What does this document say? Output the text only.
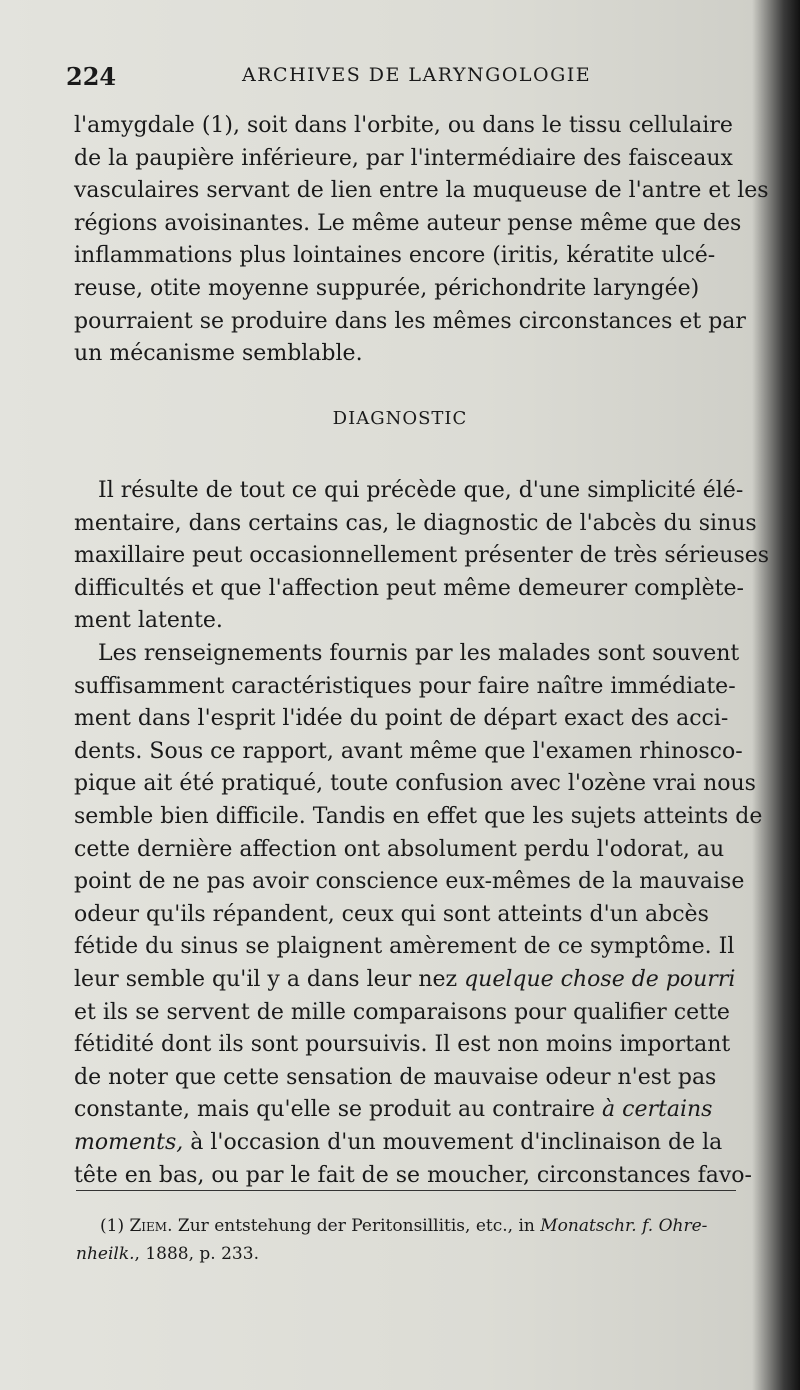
224	ARCHIVES DE LARYNGOLOGIE

l'amygdale (1), soit dans l'orbite, ou dans le tissu cellulaire
de la paupière inférieure, par l'intermédiaire des faisceaux
vasculaires servant de lien entre la muqueuse de l'antre et les
régions avoisinantes. Le même auteur pense même que des
inflammations plus lointaines encore (iritis, kératite ulcé-
reuse, otite moyenne suppurée, périchondrite laryngée)
pourraient se produire dans les mêmes circonstances et par
un mécanisme semblable.

DIAGNOSTIC

Il résulte de tout ce qui précède que, d'une simplicité élé-
mentaire, dans certains cas, le diagnostic de l'abcès du sinus
maxillaire peut occasionnellement présenter de très sérieuses
difficultés et que l'affection peut même demeurer complète-
ment latente.

Les renseignements fournis par les malades sont souvent
suffisamment caractéristiques pour faire naître immédiate-
ment dans l'esprit l'idée du point de départ exact des acci-
dents. Sous ce rapport, avant même que l'examen rhinosco-
pique ait été pratiqué, toute confusion avec l'ozène vrai nous
semble bien difficile. Tandis en effet que les sujets atteints de
cette dernière affection ont absolument perdu l'odorat, au
point de ne pas avoir conscience eux-mêmes de la mauvaise
odeur qu'ils répandent, ceux qui sont atteints d'un abcès
fétide du sinus se plaignent amèrement de ce symptôme. Il
leur semble qu'il y a dans leur nez quelque chose de pourri
et ils se servent de mille comparaisons pour qualifier cette
fétidité dont ils sont poursuivis. Il est non moins important
de noter que cette sensation de mauvaise odeur n'est pas
constante, mais qu'elle se produit au contraire à certains
moments, à l'occasion d'un mouvement d'inclinaison de la
tête en bas, ou par le fait de se moucher, circonstances favo-

(1) Ziem. Zur entstehung der Peritonsillitis, etc., in Monatschr. f. Ohre-
nheilk., 1888, p. 233.
